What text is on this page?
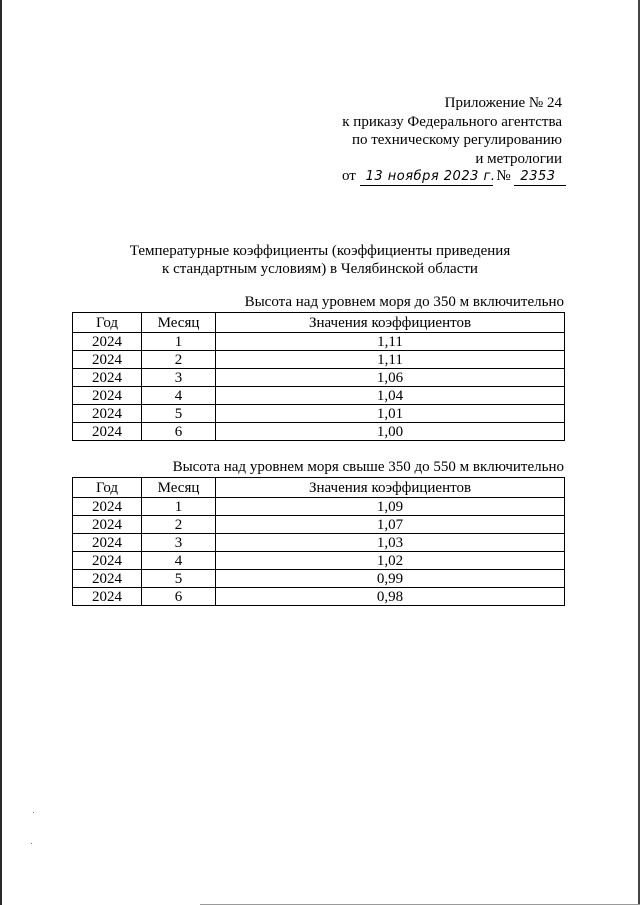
Приложение № 24
к приказу Федерального агентства
по техническому регулированию
и метрологии
от 13 ноября 2023 г. № 2353
Температурные коэффициенты (коэффициенты приведения
к стандартным условиям) в Челябинской области
Высота над уровнем моря до 350 м включительно
Год	Месяц	Значения коэффициентов
2024	1	1,11
2024	2	1,11
2024	3	1,06
2024	4	1,04
2024	5	1,01
2024	6	1,00
Высота над уровнем моря свыше 350 до 550 м включительно
Год	Месяц	Значения коэффициентов
2024	1	1,09
2024	2	1,07
2024	3	1,03
2024	4	1,02
2024	5	0,99
2024	6	0,98
